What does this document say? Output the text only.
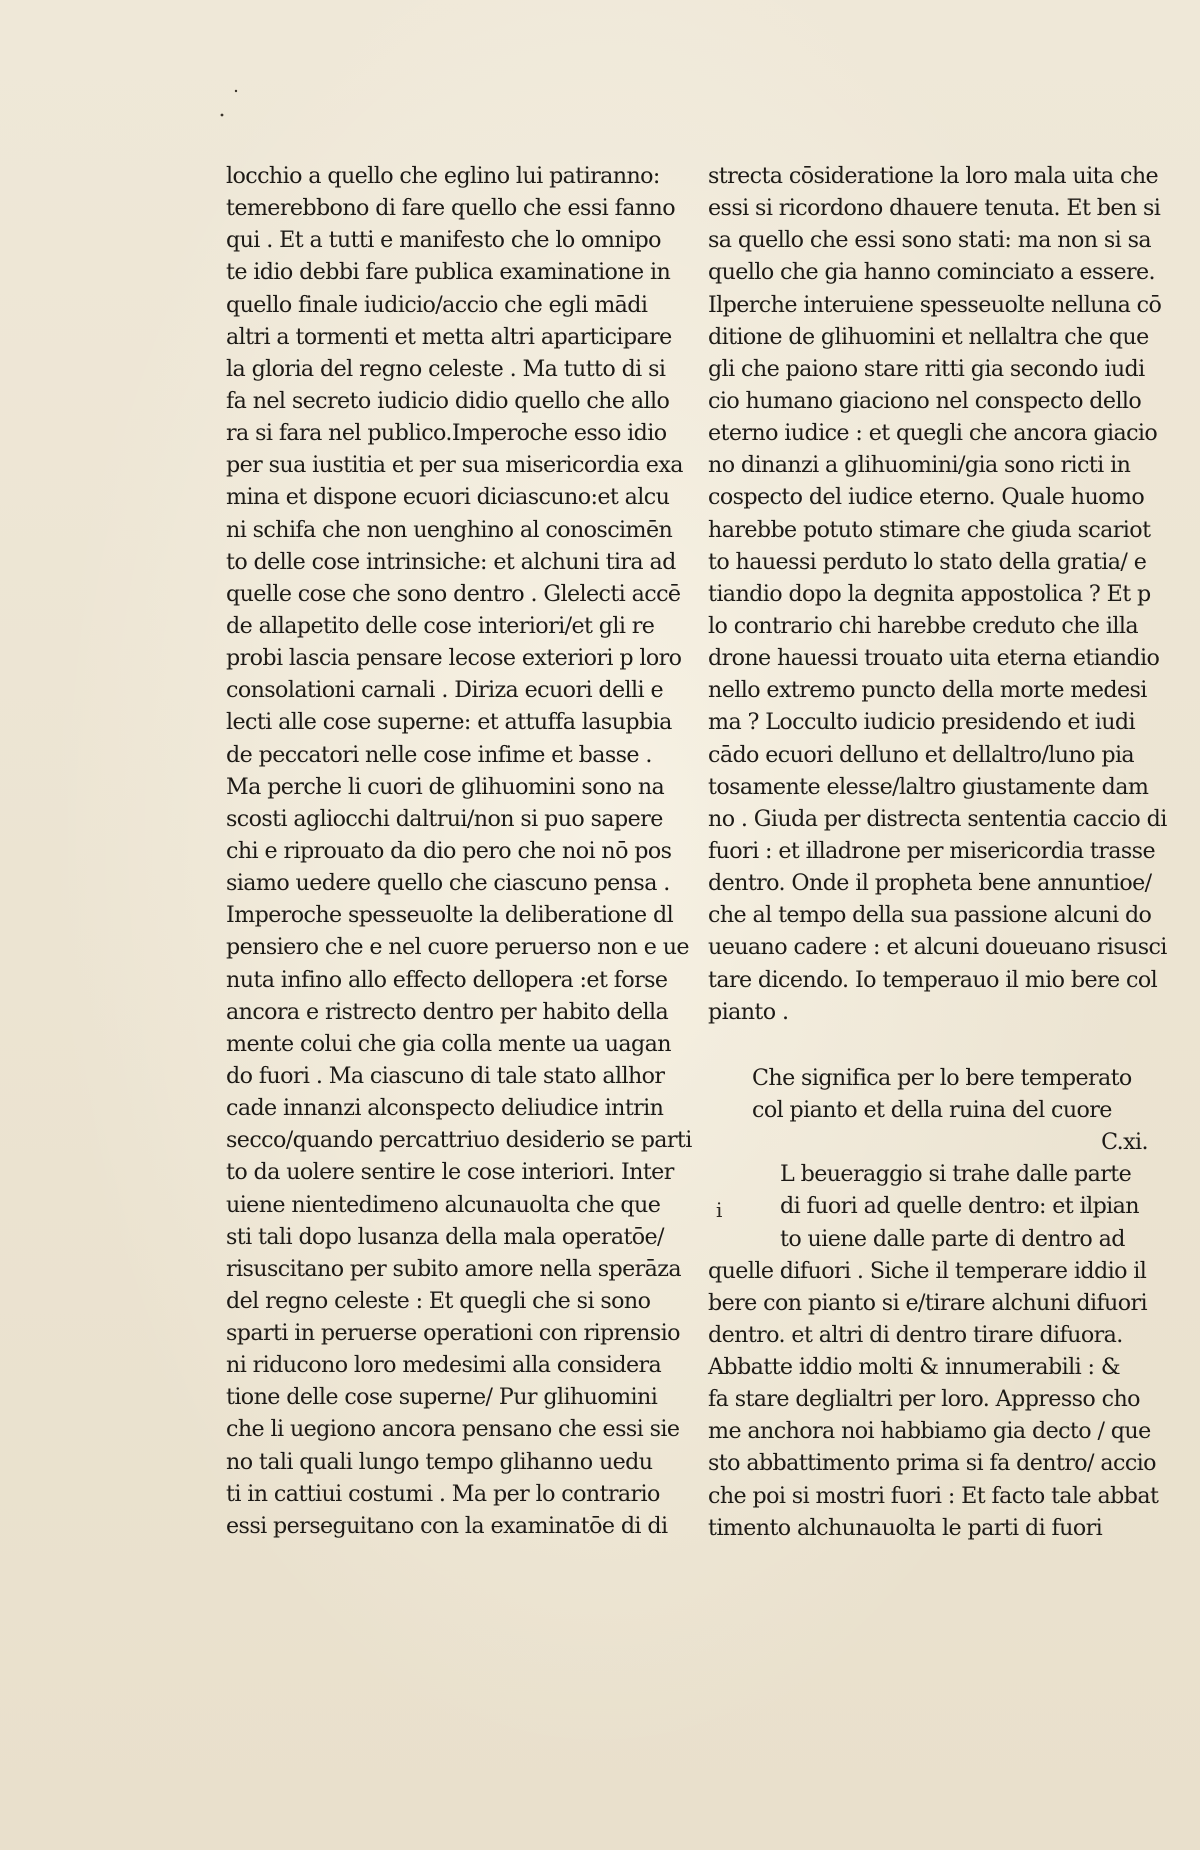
locchio a quello che eglino lui patiranno:
temerebbono di fare quello che essi fanno
qui . Et a tutti e manifesto che lo omnipo
te idio debbi fare publica examinatione in
quello finale iudicio/accio che egli mādi
altri a tormenti et metta altri aparticipare
la gloria del regno celeste . Ma tutto di si
fa nel secreto iudicio didio quello che allo
ra si fara nel publico.Imperoche esso idio
per sua iustitia et per sua misericordia exa
mina et dispone ecuori diciascuno:et alcu
ni schifa che non uenghino al conoscimēn
to delle cose intrinsiche: et alchuni tira ad
quelle cose che sono dentro . Glelecti accē
de allapetito delle cose interiori/et gli re
probi lascia pensare lecose exteriori p loro
consolationi carnali . Diriza ecuori delli e
lecti alle cose superne: et attuffa lasupbia
de peccatori nelle cose infime et basse .
Ma perche li cuori de glihuomini sono na
scosti agliocchi daltrui/non si puo sapere
chi e riprouato da dio pero che noi nō pos
siamo uedere quello che ciascuno pensa .
Imperoche spesseuolte la deliberatione dl
pensiero che e nel cuore peruerso non e ue
nuta infino allo effecto dellopera :et forse
ancora e ristrecto dentro per habito della
mente colui che gia colla mente ua uagan
do fuori . Ma ciascuno di tale stato allhor
cade innanzi alconspecto deliudice intrin
secco/quando percattriuo desiderio se parti
to da uolere sentire le cose interiori. Inter
uiene nientedimeno alcunauolta che que
sti tali dopo lusanza della mala operatōe/
risuscitano per subito amore nella sperāza
del regno celeste : Et quegli che si sono
sparti in peruerse operationi con riprensio
ni riducono loro medesimi alla considera
tione delle cose superne/ Pur glihuomini
che li uegiono ancora pensano che essi sie
no tali quali lungo tempo glihanno uedu
ti in cattiui costumi . Ma per lo contrario
essi perseguitano con la examinatōe di di
strecta cōsideratione la loro mala uita che
essi si ricordono dhauere tenuta. Et ben si
sa quello che essi sono stati: ma non si sa
quello che gia hanno cominciato a essere.
Ilperche interuiene spesseuolte nelluna cō
ditione de glihuomini et nellaltra che que
gli che paiono stare ritti gia secondo iudi
cio humano giaciono nel conspecto dello
eterno iudice : et quegli che ancora giacio
no dinanzi a glihuomini/gia sono ricti in
cospecto del iudice eterno. Quale huomo
harebbe potuto stimare che giuda scariot
to hauessi perduto lo stato della gratia/ e
tiandio dopo la degnita appostolica ? Et p
lo contrario chi harebbe creduto che illa
drone hauessi trouato uita eterna etiandio
nello extremo puncto della morte medesi
ma ? Locculto iudicio presidendo et iudi
cādo ecuori delluno et dellaltro/luno pia
tosamente elesse/laltro giustamente dam
no . Giuda per distrecta sententia caccio di
fuori : et illadrone per misericordia trasse
dentro. Onde il propheta bene annuntioe/
che al tempo della sua passione alcuni do
ueuano cadere : et alcuni doueuano risusci
tare dicendo. Io temperauo il mio bere col
pianto .
Che significa per lo bere temperato
col pianto et della ruina del cuore
C.xi.
i
L beueraggio si trahe dalle parte
di fuori ad quelle dentro: et ilpian
to uiene dalle parte di dentro ad
quelle difuori . Siche il temperare iddio il
bere con pianto si e/tirare alchuni difuori
dentro. et altri di dentro tirare difuora.
Abbatte iddio molti & innumerabili : &
fa stare deglialtri per loro. Appresso cho
me anchora noi habbiamo gia decto / que
sto abbattimento prima si fa dentro/ accio
che poi si mostri fuori : Et facto tale abbat
timento alchunauolta le parti di fuori
